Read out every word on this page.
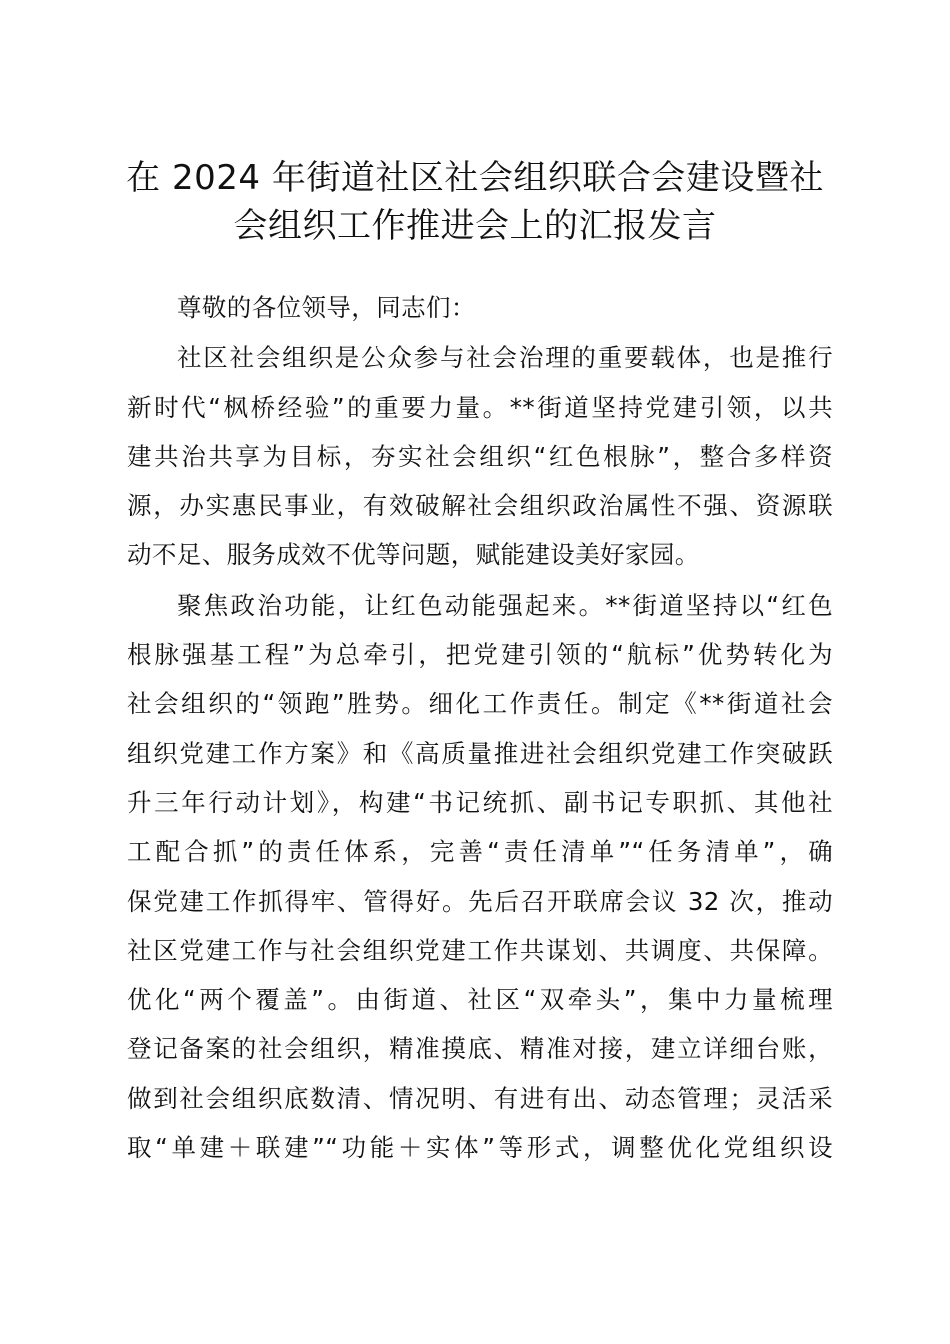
在 2024 年街道社区社会组织联合会建设暨社
会组织工作推进会上的汇报发言
尊敬的各位领导，同志们：
社区社会组织是公众参与社会治理的重要载体，也是推行
新时代“枫桥经验”的重要力量。**街道坚持党建引领，以共
建共治共享为目标，夯实社会组织“红色根脉”，整合多样资
源，办实惠民事业，有效破解社会组织政治属性不强、资源联
动不足、服务成效不优等问题，赋能建设美好家园。
聚焦政治功能，让红色动能强起来。**街道坚持以“红色
根脉强基工程”为总牵引，把党建引领的“航标”优势转化为
社会组织的“领跑”胜势。细化工作责任。制定《**街道社会
组织党建工作方案》和《高质量推进社会组织党建工作突破跃
升三年行动计划》，构建“书记统抓、副书记专职抓、其他社
工配合抓”的责任体系，完善“责任清单”“任务清单”，确
保党建工作抓得牢、管得好。先后召开联席会议 32 次，推动
社区党建工作与社会组织党建工作共谋划、共调度、共保障。
优化“两个覆盖”。由街道、社区“双牵头”，集中力量梳理
登记备案的社会组织，精准摸底、精准对接，建立详细台账，
做到社会组织底数清、情况明、有进有出、动态管理；灵活采
取“单建＋联建”“功能＋实体”等形式，调整优化党组织设
